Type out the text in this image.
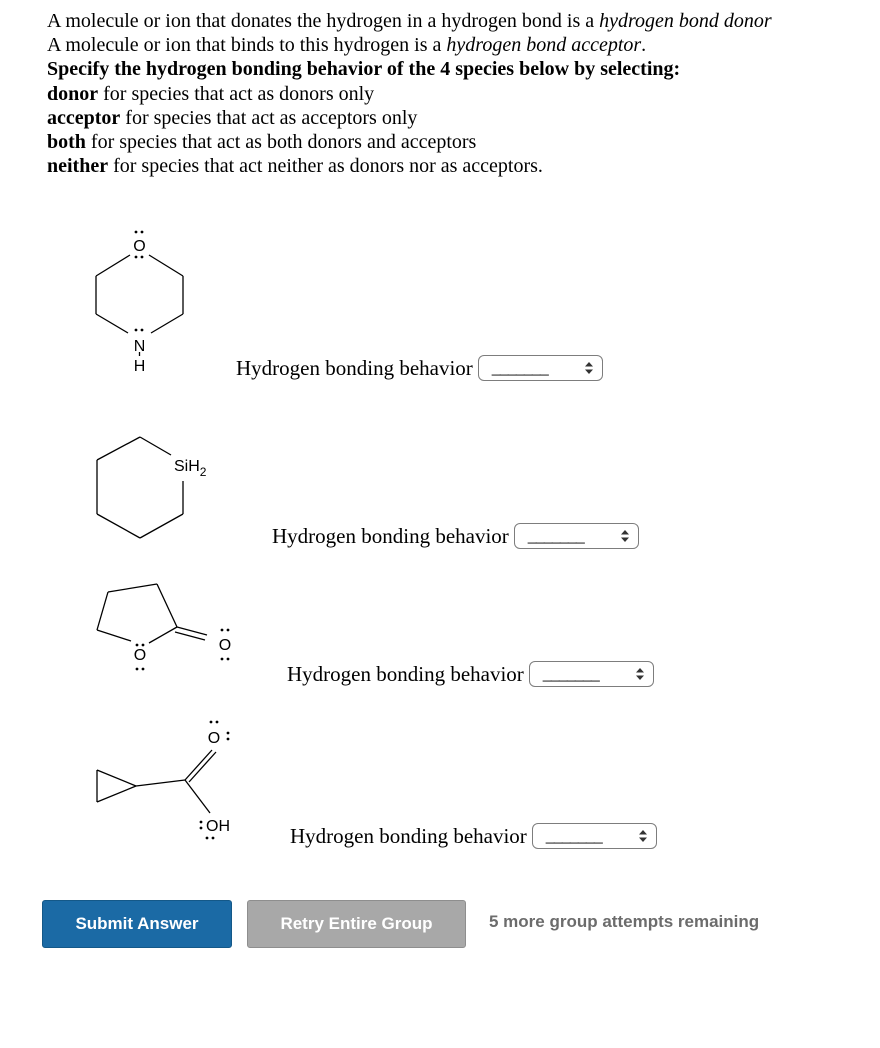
A molecule or ion that donates the hydrogen in a hydrogen bond is a hydrogen bond donor
A molecule or ion that binds to this hydrogen is a hydrogen bond acceptor.
Specify the hydrogen bonding behavior of the 4 species below by selecting:
donor for species that act as donors only
acceptor for species that act as acceptors only
both for species that act as both donors and acceptors
neither for species that act neither as donors nor as acceptors.
O
N
H
SiH$_2$
O
O
O
OH
Hydrogen bonding behavior _______
Hydrogen bonding behavior _______
Hydrogen bonding behavior _______
Hydrogen bonding behavior _______
Submit Answer	Retry Entire Group	5 more group attempts remaining
